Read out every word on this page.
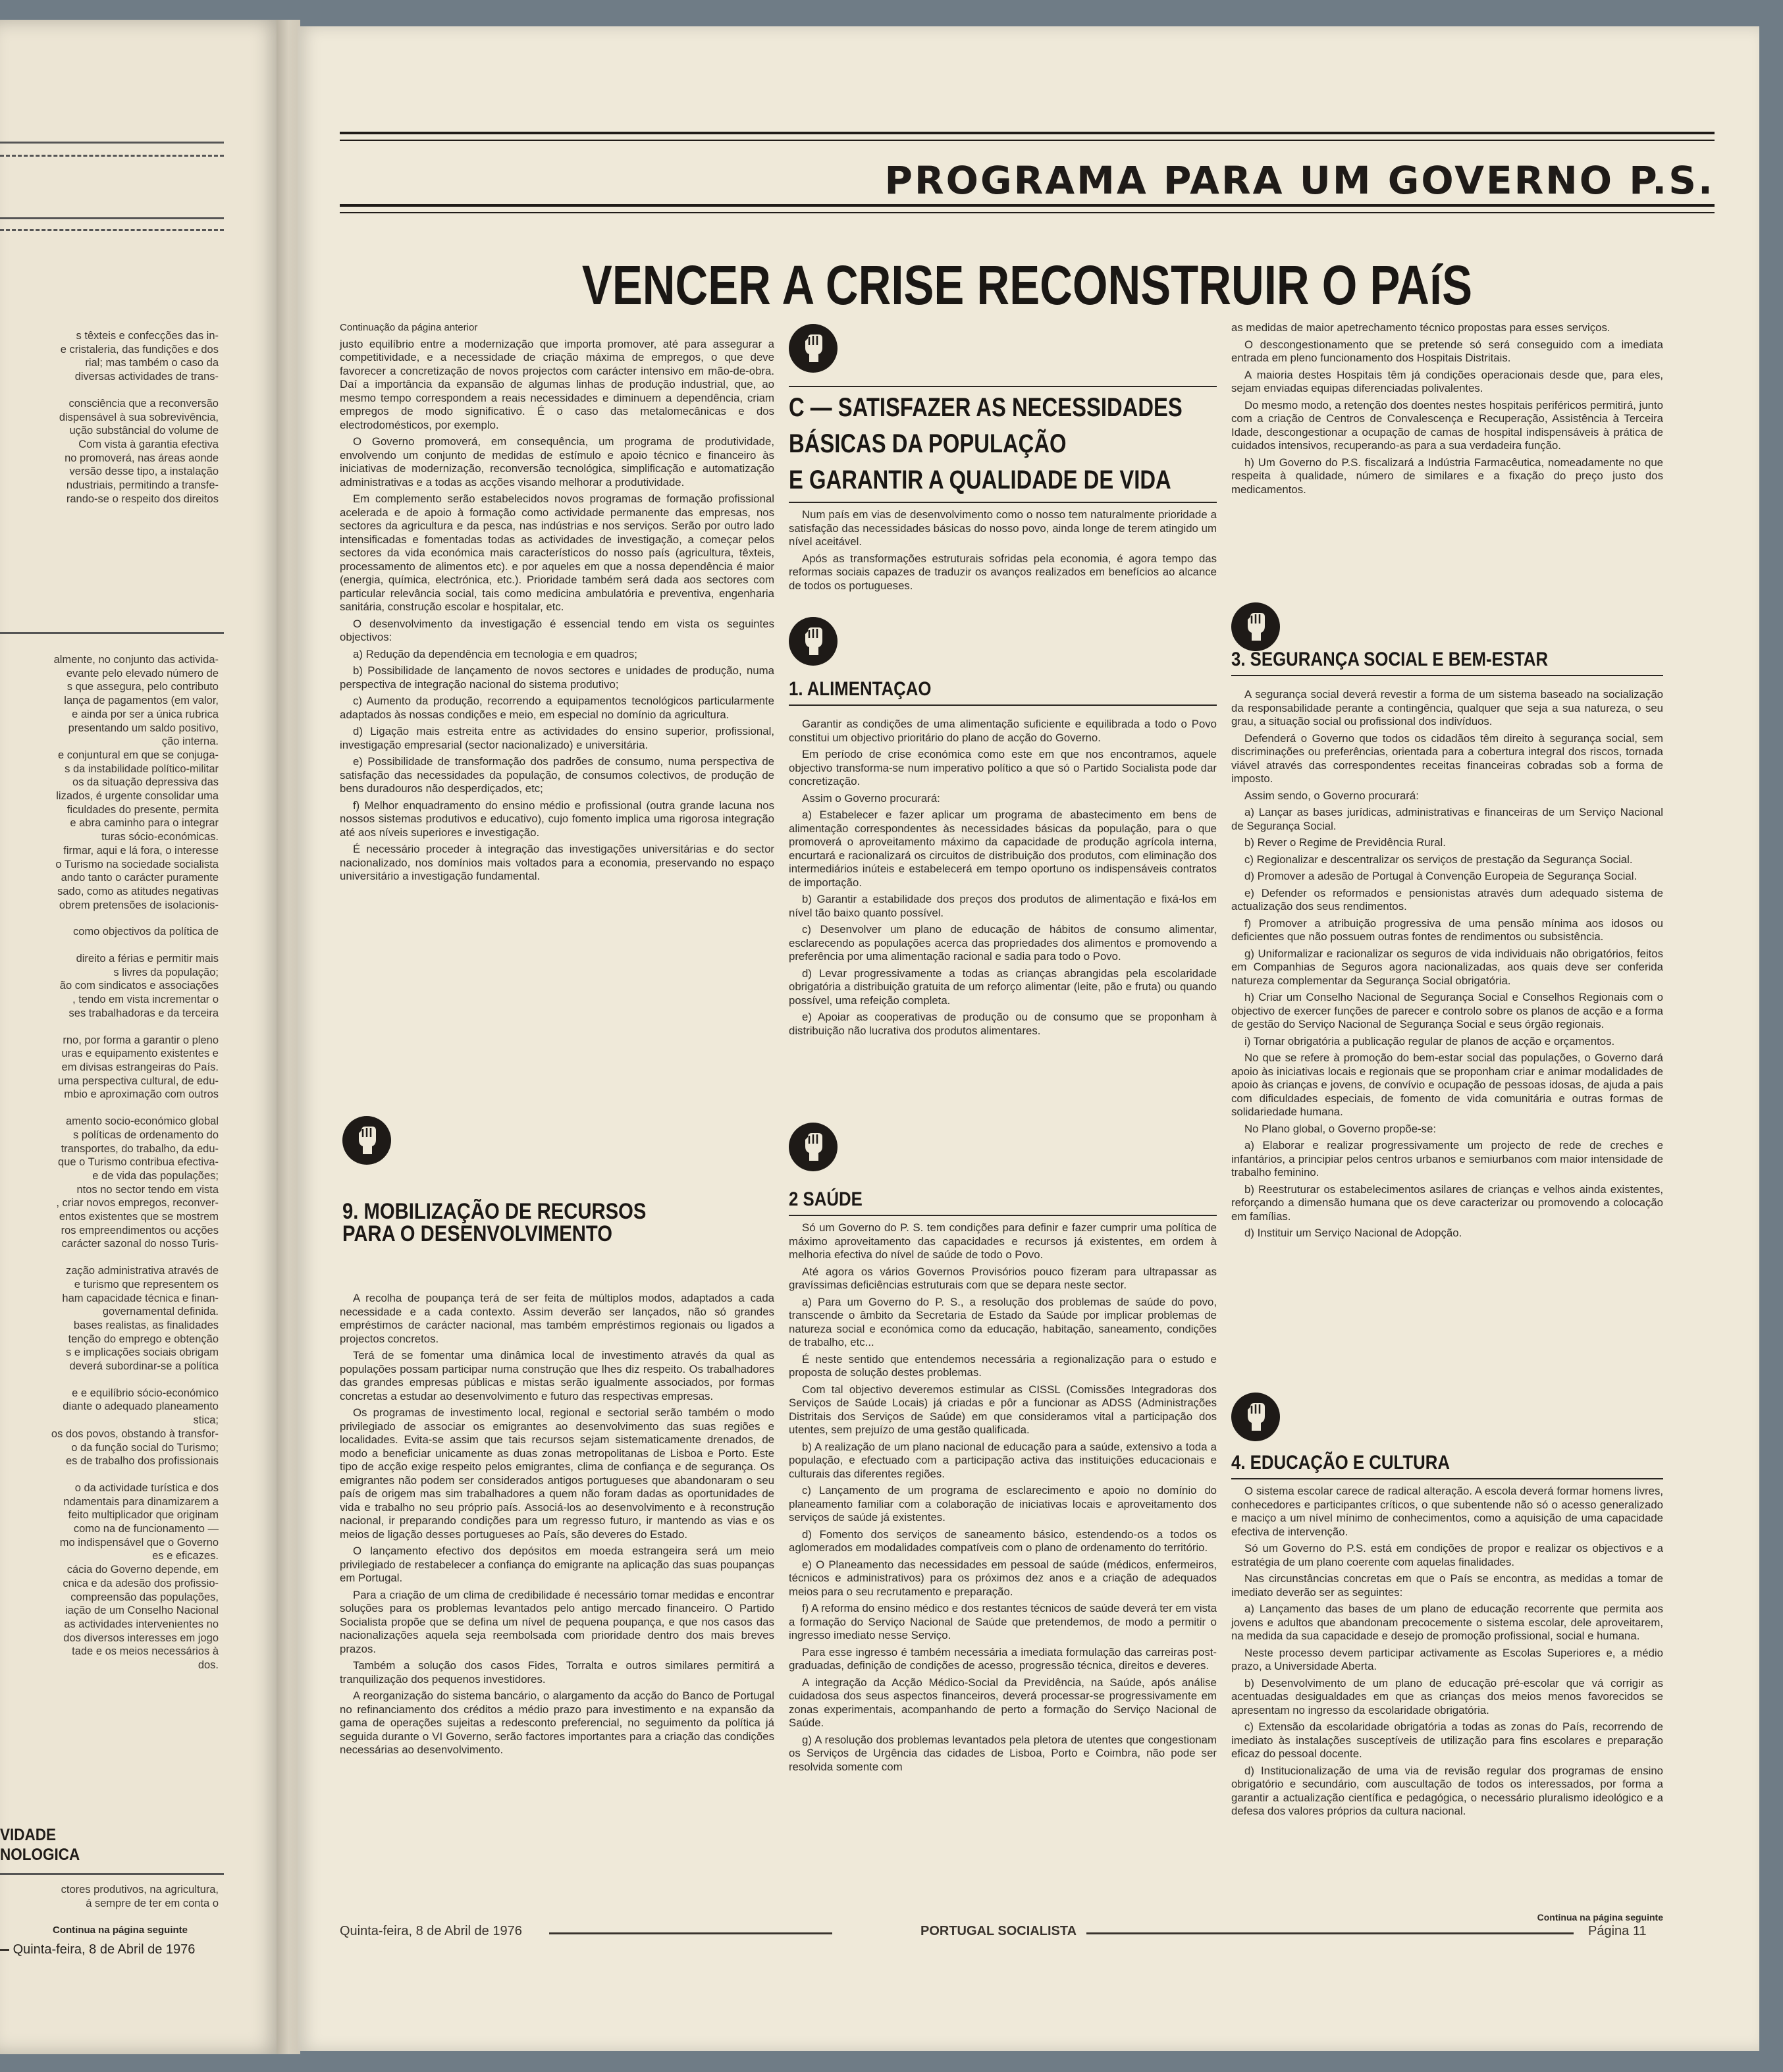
s têxteis e confecções das in-
e cristaleria, das fundições e dos
rial; mas também o caso da
diversas actividades de trans-
consciência que a reconversão
dispensável à sua sobrevivência,
ução substâncial do volume de
Com vista à garantia efectiva
no promoverá, nas áreas aonde
versão desse tipo, a instalação
ndustriais, permitindo a transfe-
rando-se o respeito dos direitos
almente, no conjunto das activida-
evante pelo elevado número de
s que assegura, pelo contributo
lança de pagamentos (em valor,
e ainda por ser a única rubrica
presentando um saldo positivo,
ção interna.
e conjuntural em que se conjuga-
s da instabilidade político-militar
os da situação depressiva das
lizados, é urgente consolidar uma
ficuldades do presente, permita
e abra caminho para o integrar
turas sócio-económicas.
firmar, aqui e lá fora, o interesse
o Turismo na sociedade socialista
ando tanto o carácter puramente
sado, como as atitudes negativas
obrem pretensões de isolacionis-
como objectivos da política de
direito a férias e permitir mais
s livres da população;
ão com sindicatos e associações
, tendo em vista incrementar o
ses trabalhadoras e da terceira
rno, por forma a garantir o pleno
uras e equipamento existentes e
em divisas estrangeiras do País.
uma perspectiva cultural, de edu-
mbio e aproximação com outros
amento socio-económico global
s políticas de ordenamento do
transportes, do trabalho, da edu-
que o Turismo contribua efectiva-
e de vida das populações;
ntos no sector tendo em vista
, criar novos empregos, reconver-
entos existentes que se mostrem
ros empreendimentos ou acções
carácter sazonal do nosso Turis-
zação administrativa através de
e turismo que representem os
ham capacidade técnica e finan-
governamental definida.
bases realistas, as finalidades
tenção do emprego e obtenção
s e implicações sociais obrigam
deverá subordinar-se a política
e e equilíbrio sócio-económico
diante o adequado planeamento
stica;
os dos povos, obstando à transfor-
o da função social do Turismo;
es de trabalho dos profissionais
o da actividade turística e dos
ndamentais para dinamizarem a
feito multiplicador que originam
como na de funcionamento —
mo indispensável que o Governo
es e eficazes.
cácia do Governo depende, em
cnica e da adesão dos profissio-
compreensão das populações,
iação de um Conselho Nacional
as actividades intervenientes no
dos diversos interesses em jogo
tade e os meios necessários à
dos.
VIDADE
NOLOGICA
ctores produtivos, na agricultura,
á sempre de ter em conta o
Continua na página seguinte
Quinta-feira, 8 de Abril de 1976
PROGRAMA PARA UM GOVERNO P.S.
VENCER A CRISE RECONSTRUIR O PAíS

Continuação da página anterior

justo equilíbrio entre a modernização que importa promover, até para assegurar a competitividade, e a necessidade de criação máxima de empregos, o que deve favorecer a concretização de novos projectos com carácter intensivo em mão-de-obra. Daí a importância da expansão de algumas linhas de produção industrial, que, ao mesmo tempo correspondem a reais necessidades e diminuem a dependência, criam empregos de modo significativo. É o caso das metalomecânicas e dos electrodomésticos, por exemplo.

O Governo promoverá, em consequência, um programa de produtividade, envolvendo um conjunto de medidas de estímulo e apoio técnico e financeiro às iniciativas de modernização, reconversão tecnológica, simplificação e automatização administrativas e a todas as acções visando melhorar a produtividade.

Em complemento serão estabelecidos novos programas de formação profissional acelerada e de apoio à formação como actividade permanente das empresas, nos sectores da agricultura e da pesca, nas indústrias e nos serviços. Serão por outro lado intensificadas e fomentadas todas as actividades de investigação, a começar pelos sectores da vida económica mais característicos do nosso país (agricultura, têxteis, processamento de alimentos etc). e por aqueles em que a nossa dependência é maior (energia, química, electrónica, etc.). Prioridade também será dada aos sectores com particular relevância social, tais como medicina ambulatória e preventiva, engenharia sanitária, construção escolar e hospitalar, etc.

O desenvolvimento da investigação é essencial tendo em vista os seguintes objectivos:

a) Redução da dependência em tecnologia e em quadros;

b) Possibilidade de lançamento de novos sectores e unidades de produção, numa perspectiva de integração nacional do sistema produtivo;

c) Aumento da produção, recorrendo a equipamentos tecnológicos particularmente adaptados às nossas condições e meio, em especial no domínio da agricultura.

d) Ligação mais estreita entre as actividades do ensino superior, profissional, investigação empresarial (sector nacionalizado) e universitária.

e) Possibilidade de transformação dos padrões de consumo, numa perspectiva de satisfação das necessidades da população, de consumos colectivos, de produção de bens duradouros não desperdiçados, etc;

f) Melhor enquadramento do ensino médio e profissional (outra grande lacuna nos nossos sistemas produtivos e educativo), cujo fomento implica uma rigorosa integração até aos níveis superiores e investigação.

É necessário proceder à integração das investigações universitárias e do sector nacionalizado, nos domínios mais voltados para a economia, preservando no espaço universitário a investigação fundamental.

9. MOBILIZAÇÃO DE RECURSOS
PARA O DESENVOLVIMENTO

A recolha de poupança terá de ser feita de múltiplos modos, adaptados a cada necessidade e a cada contexto. Assim deverão ser lançados, não só grandes empréstimos de carácter nacional, mas também empréstimos regionais ou ligados a projectos concretos.

Terá de se fomentar uma dinâmica local de investimento através da qual as populações possam participar numa construção que lhes diz respeito. Os trabalhadores das grandes empresas públicas e mistas serão igualmente associados, por formas concretas a estudar ao desenvolvimento e futuro das respectivas empresas.

Os programas de investimento local, regional e sectorial serão também o modo privilegiado de associar os emigrantes ao desenvolvimento das suas regiões e localidades. Evita-se assim que tais recursos sejam sistematicamente drenados, de modo a beneficiar unicamente as duas zonas metropolitanas de Lisboa e Porto. Este tipo de acção exige respeito pelos emigrantes, clima de confiança e de segurança. Os emigrantes não podem ser considerados antigos portugueses que abandonaram o seu país de origem mas sim trabalhadores a quem não foram dadas as oportunidades de vida e trabalho no seu próprio país. Associá-los ao desenvolvimento e à reconstrução nacional, ir preparando condições para um regresso futuro, ir mantendo as vias e os meios de ligação desses portugueses ao País, são deveres do Estado.

O lançamento efectivo dos depósitos em moeda estrangeira será um meio privilegiado de restabelecer a confiança do emigrante na aplicação das suas poupanças em Portugal.

Para a criação de um clima de credibilidade é necessário tomar medidas e encontrar soluções para os problemas levantados pelo antigo mercado financeiro. O Partido Socialista propõe que se defina um nível de pequena poupança, e que nos casos das nacionalizações aquela seja reembolsada com prioridade dentro dos mais breves prazos.

Também a solução dos casos Fides, Torralta e outros similares permitirá a tranquilização dos pequenos investidores.

A reorganização do sistema bancário, o alargamento da acção do Banco de Portugal no refinanciamento dos créditos a médio prazo para investimento e na expansão da gama de operações sujeitas a redesconto preferencial, no seguimento da política já seguida durante o VI Governo, serão factores importantes para a criação das condições necessárias ao desenvolvimento.

C — SATISFAZER AS NECESSIDADES
BÁSICAS DA POPULAÇÃO
E GARANTIR A QUALIDADE DE VIDA

Num país em vias de desenvolvimento como o nosso tem naturalmente prioridade a satisfação das necessidades básicas do nosso povo, ainda longe de terem atingido um nível aceitável.

Após as transformações estruturais sofridas pela economia, é agora tempo das reformas sociais capazes de traduzir os avanços realizados em benefícios ao alcance de todos os portugueses.

1. ALIMENTAÇAO

Garantir as condições de uma alimentação suficiente e equilibrada a todo o Povo constitui um objectivo prioritário do plano de acção do Governo.

Em período de crise económica como este em que nos encontramos, aquele objectivo transforma-se num imperativo político a que só o Partido Socialista pode dar concretização.

Assim o Governo procurará:

a) Estabelecer e fazer aplicar um programa de abastecimento em bens de alimentação correspondentes às necessidades básicas da população, para o que promoverá o aproveitamento máximo da capacidade de produção agrícola interna, encurtará e racionalizará os circuitos de distribuição dos produtos, com eliminação dos intermediários inúteis e estabelecerá em tempo oportuno os indispensáveis contratos de importação.

b) Garantir a estabilidade dos preços dos produtos de alimentação e fixá-los em nível tão baixo quanto possível.

c) Desenvolver um plano de educação de hábitos de consumo alimentar, esclarecendo as populações acerca das propriedades dos alimentos e promovendo a preferência por uma alimentação racional e sadia para todo o Povo.

d) Levar progressivamente a todas as crianças abrangidas pela escolaridade obrigatória a distribuição gratuita de um reforço alimentar (leite, pão e fruta) ou quando possível, uma refeição completa.

e) Apoiar as cooperativas de produção ou de consumo que se proponham à distribuição não lucrativa dos produtos alimentares.

2 SAÚDE

Só um Governo do P. S. tem condições para definir e fazer cumprir uma política de máximo aproveitamento das capacidades e recursos já existentes, em ordem à melhoria efectiva do nível de saúde de todo o Povo.

Até agora os vários Governos Provisórios pouco fizeram para ultrapassar as gravíssimas deficiências estruturais com que se depara neste sector.

a) Para um Governo do P. S., a resolução dos problemas de saúde do povo, transcende o âmbito da Secretaria de Estado da Saúde por implicar problemas de natureza social e económica como da educação, habitação, saneamento, condições de trabalho, etc...

É neste sentido que entendemos necessária a regionalização para o estudo e proposta de solução destes problemas.

Com tal objectivo deveremos estimular as CISSL (Comissões Integradoras dos Serviços de Saúde Locais) já criadas e pôr a funcionar as ADSS (Administrações Distritais dos Serviços de Saúde) em que consideramos vital a participação dos utentes, sem prejuízo de uma gestão qualificada.

b) A realização de um plano nacional de educação para a saúde, extensivo a toda a população, e efectuado com a participação activa das instituições educacionais e culturais das diferentes regiões.

c) Lançamento de um programa de esclarecimento e apoio no domínio do planeamento familiar com a colaboração de iniciativas locais e aproveitamento dos serviços de saúde já existentes.

d) Fomento dos serviços de saneamento básico, estendendo-os a todos os aglomerados em modalidades compatíveis com o plano de ordenamento do território.

e) O Planeamento das necessidades em pessoal de saúde (médicos, enfermeiros, técnicos e administrativos) para os próximos dez anos e a criação de adequados meios para o seu recrutamento e preparação.

f) A reforma do ensino médico e dos restantes técnicos de saúde deverá ter em vista a formação do Serviço Nacional de Saúde que pretendemos, de modo a permitir o ingresso imediato nesse Serviço.

Para esse ingresso é também necessária a imediata formulação das carreiras post-graduadas, definição de condições de acesso, progressão técnica, direitos e deveres.

A integração da Acção Médico-Social da Previdência, na Saúde, após análise cuidadosa dos seus aspectos financeiros, deverá processar-se progressivamente em zonas experimentais, acompanhando de perto a formação do Serviço Nacional de Saúde.

g) A resolução dos problemas levantados pela pletora de utentes que congestionam os Serviços de Urgência das cidades de Lisboa, Porto e Coimbra, não pode ser resolvida somente com

as medidas de maior apetrechamento técnico propostas para esses serviços.

O descongestionamento que se pretende só será conseguido com a imediata entrada em pleno funcionamento dos Hospitais Distritais.

A maioria destes Hospitais têm já condições operacionais desde que, para eles, sejam enviadas equipas diferenciadas polivalentes.

Do mesmo modo, a retenção dos doentes nestes hospitais periféricos permitirá, junto com a criação de Centros de Convalescença e Recuperação, Assistência à Terceira Idade, descongestionar a ocupação de camas de hospital indispensáveis à prática de cuidados intensivos, recuperando-as para a sua verdadeira função.

h) Um Governo do P.S. fiscalizará a Indústria Farmacêutica, nomeadamente no que respeita à qualidade, número de similares e a fixação do preço justo dos medicamentos.

3. SEGURANÇA SOCIAL E BEM-ESTAR

A segurança social deverá revestir a forma de um sistema baseado na socialização da responsabilidade perante a contingência, qualquer que seja a sua natureza, o seu grau, a situação social ou profissional dos indivíduos.

Defenderá o Governo que todos os cidadãos têm direito à segurança social, sem discriminações ou preferências, orientada para a cobertura integral dos riscos, tornada viável através das correspondentes receitas financeiras cobradas sob a forma de imposto.

Assim sendo, o Governo procurará:

a) Lançar as bases jurídicas, administrativas e financeiras de um Serviço Nacional de Segurança Social.

b) Rever o Regime de Previdência Rural.

c) Regionalizar e descentralizar os serviços de prestação da Segurança Social.

d) Promover a adesão de Portugal à Convenção Europeia de Segurança Social.

e) Defender os reformados e pensionistas através dum adequado sistema de actualização dos seus rendimentos.

f) Promover a atribuição progressiva de uma pensão mínima aos idosos ou deficientes que não possuem outras fontes de rendimentos ou subsistência.

g) Uniformalizar e racionalizar os seguros de vida individuais não obrigatórios, feitos em Companhias de Seguros agora nacionalizadas, aos quais deve ser conferida natureza complementar da Segurança Social obrigatória.

h) Criar um Conselho Nacional de Segurança Social e Conselhos Regionais com o objectivo de exercer funções de parecer e controlo sobre os planos de acção e a forma de gestão do Serviço Nacional de Segurança Social e seus órgão regionais.

i) Tornar obrigatória a publicação regular de planos de acção e orçamentos.

No que se refere à promoção do bem-estar social das populações, o Governo dará apoio às iniciativas locais e regionais que se proponham criar e animar modalidades de apoio às crianças e jovens, de convívio e ocupação de pessoas idosas, de ajuda a pais com dificuldades especiais, de fomento de vida comunitária e outras formas de solidariedade humana.

No Plano global, o Governo propõe-se:

a) Elaborar e realizar progressivamente um projecto de rede de creches e infantários, a principiar pelos centros urbanos e semiurbanos com maior intensidade de trabalho feminino.

b) Reestruturar os estabelecimentos asilares de crianças e velhos ainda existentes, reforçando a dimensão humana que os deve caracterizar ou promovendo a colocação em famílias.

d) Instituir um Serviço Nacional de Adopção.

4. EDUCAÇÃO E CULTURA

O sistema escolar carece de radical alteração. A escola deverá formar homens livres, conhecedores e participantes críticos, o que subentende não só o acesso generalizado e maciço a um nível mínimo de conhecimentos, como a aquisição de uma capacidade efectiva de intervenção.

Só um Governo do P.S. está em condições de propor e realizar os objectivos e a estratégia de um plano coerente com aquelas finalidades.

Nas circunstâncias concretas em que o País se encontra, as medidas a tomar de imediato deverão ser as seguintes:

a) Lançamento das bases de um plano de educação recorrente que permita aos jovens e adultos que abandonam precocemente o sistema escolar, dele aproveitarem, na medida da sua capacidade e desejo de promoção profissional, social e humana.

Neste processo devem participar activamente as Escolas Superiores e, a médio prazo, a Universidade Aberta.

b) Desenvolvimento de um plano de educação pré-escolar que vá corrigir as acentuadas desigualdades em que as crianças dos meios menos favorecidos se apresentam no ingresso da escolaridade obrigatória.

c) Extensão da escolaridade obrigatória a todas as zonas do País, recorrendo de imediato às instalações susceptíveis de utilização para fins escolares e preparação eficaz do pessoal docente.

d) Institucionalização de uma via de revisão regular dos programas de ensino obrigatório e secundário, com auscultação de todos os interessados, por forma a garantir a actualização científica e pedagógica, o necessário pluralismo ideológico e a defesa dos valores próprios da cultura nacional.

Continua na página seguinte
Quinta-feira, 8 de Abril de 1976	PORTUGAL SOCIALISTA	Página 11
